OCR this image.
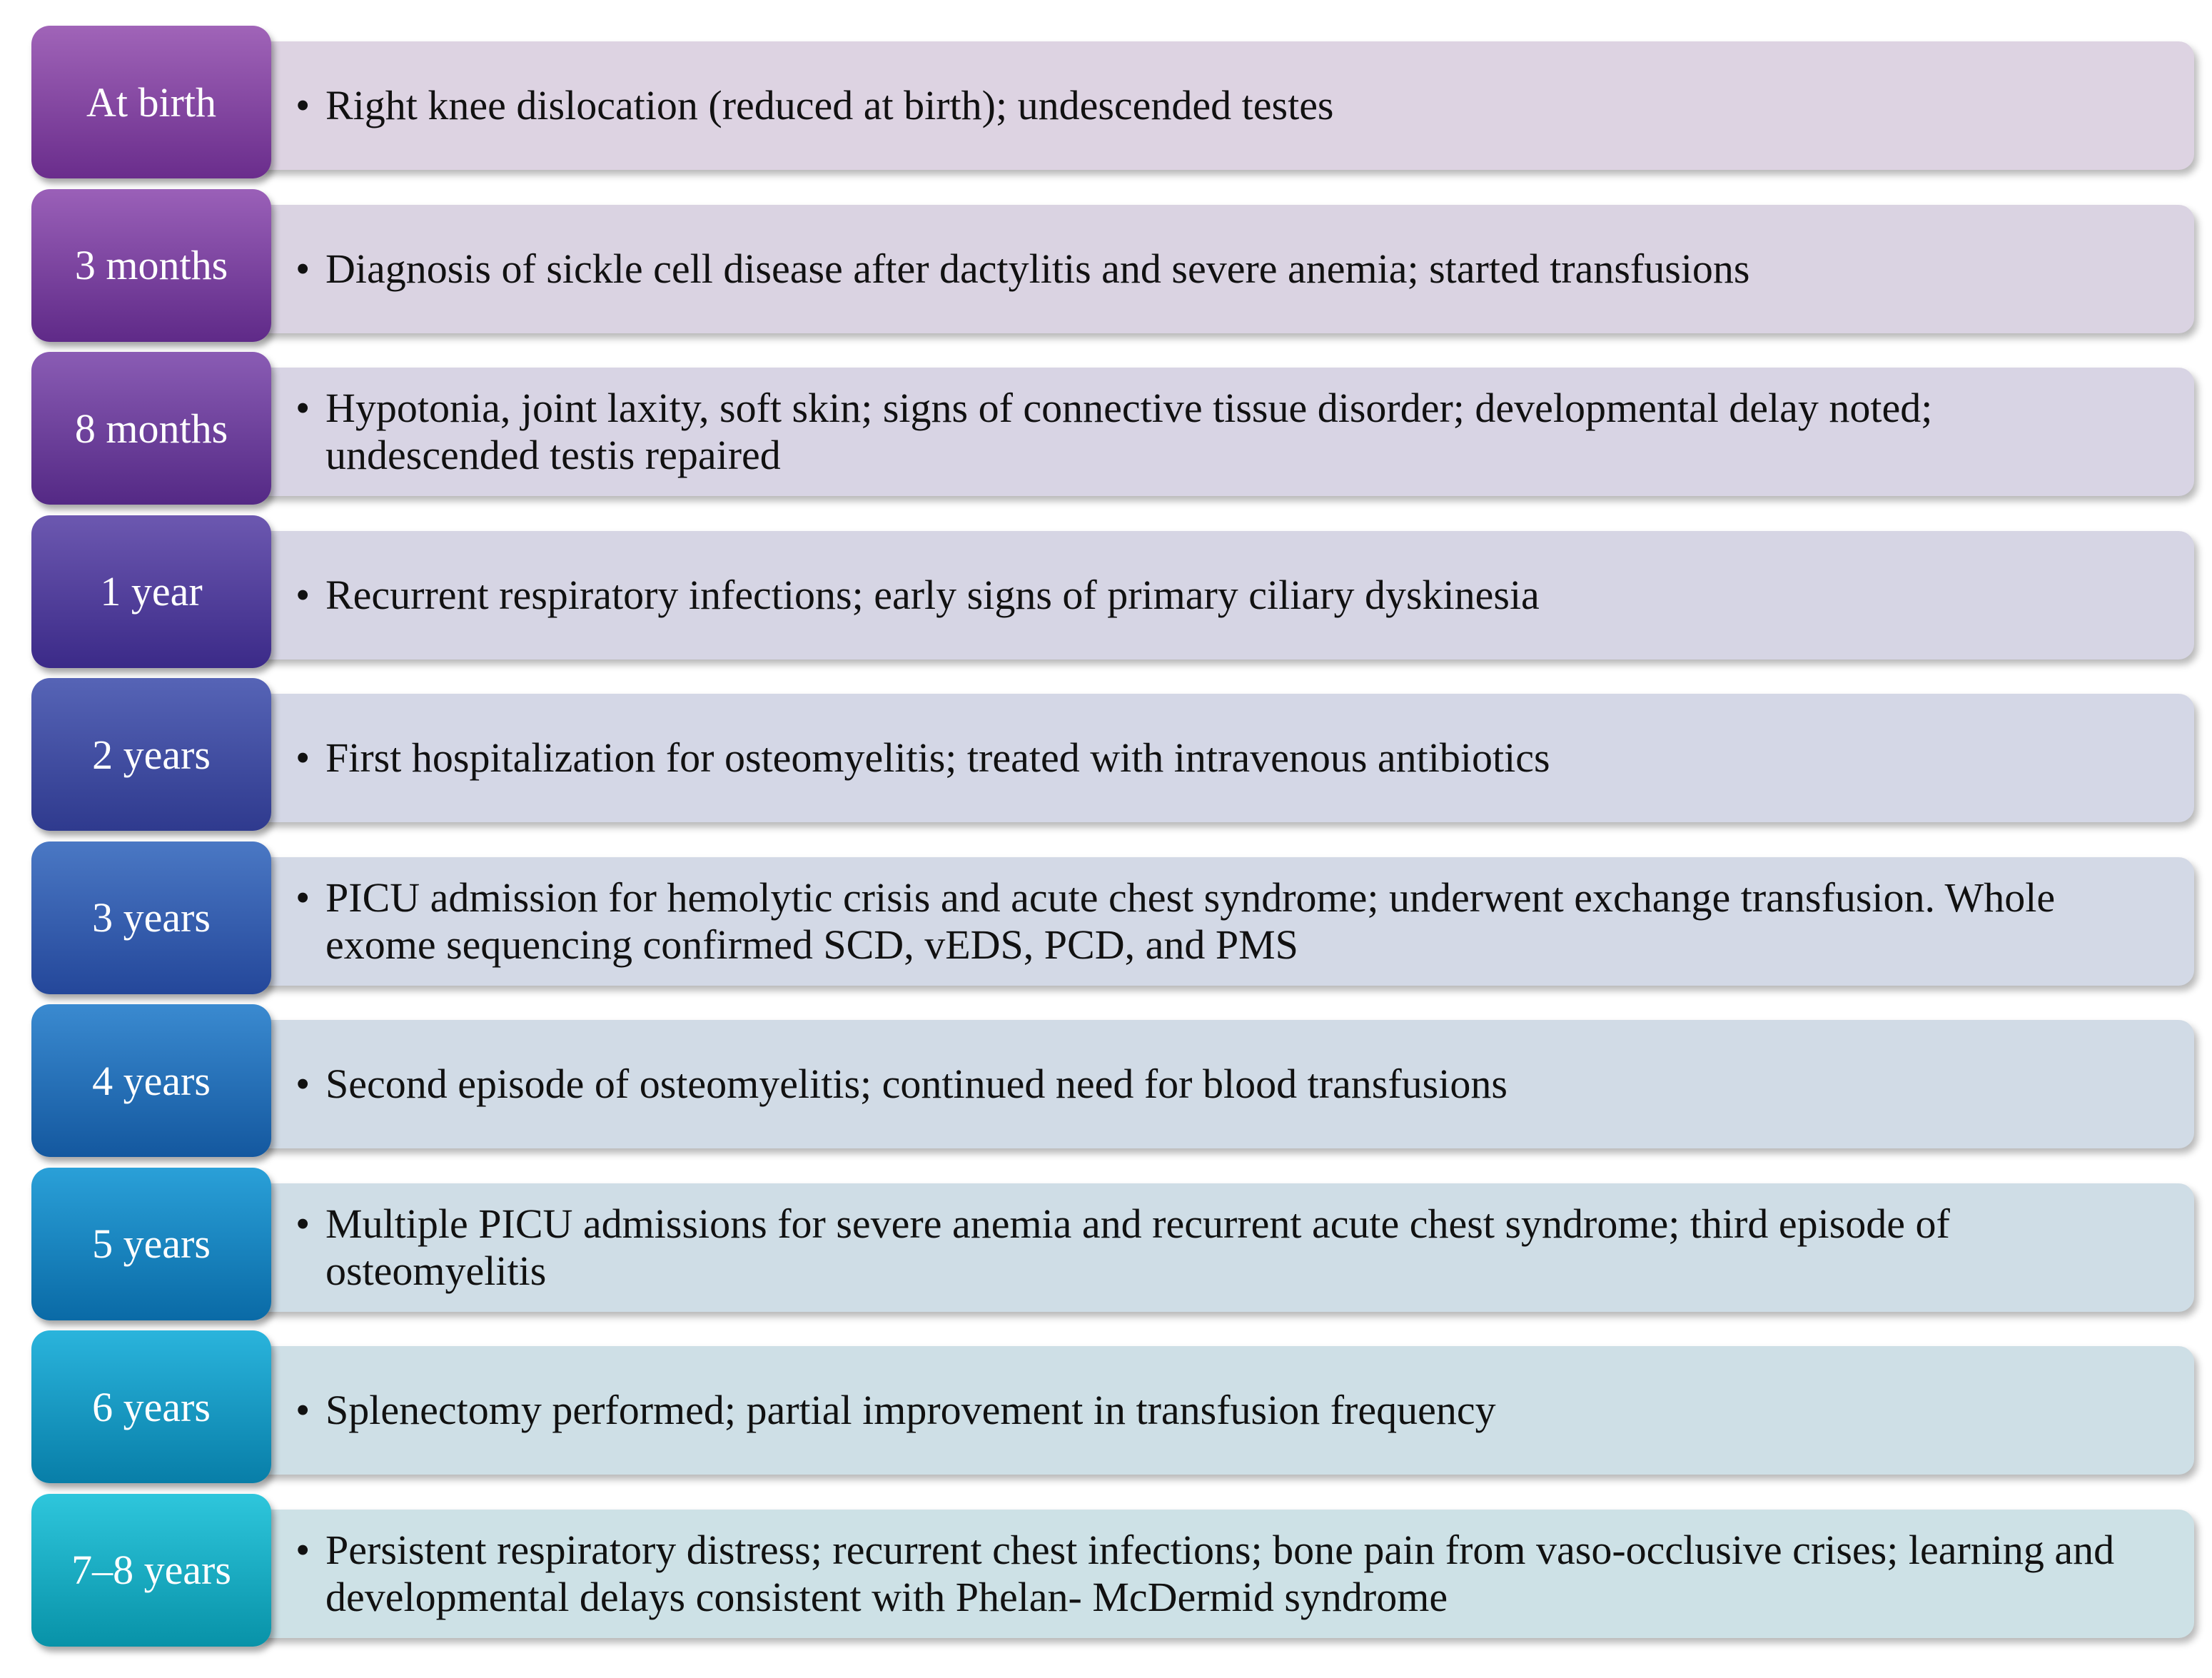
• Right knee dislocation (reduced at birth); undescended testes
At birth
• Diagnosis of sickle cell disease after dactylitis and severe anemia; started transfusions
3 months
• Hypotonia, joint laxity, soft skin; signs of connective tissue disorder; developmental delay noted; undescended testis repaired
8 months
• Recurrent respiratory infections; early signs of primary ciliary dyskinesia
1 year
• First hospitalization for osteomyelitis; treated with intravenous antibiotics
2 years
• PICU admission for hemolytic crisis and acute chest syndrome; underwent exchange transfusion. Whole exome sequencing confirmed SCD, vEDS, PCD, and PMS
3 years
• Second episode of osteomyelitis; continued need for blood transfusions
4 years
• Multiple PICU admissions for severe anemia and recurrent acute chest syndrome; third episode of osteomyelitis
5 years
• Splenectomy performed; partial improvement in transfusion frequency
6 years
• Persistent respiratory distress; recurrent chest infections; bone pain from vaso-occlusive crises; learning and developmental delays consistent with Phelan- McDermid syndrome
7–8 years
